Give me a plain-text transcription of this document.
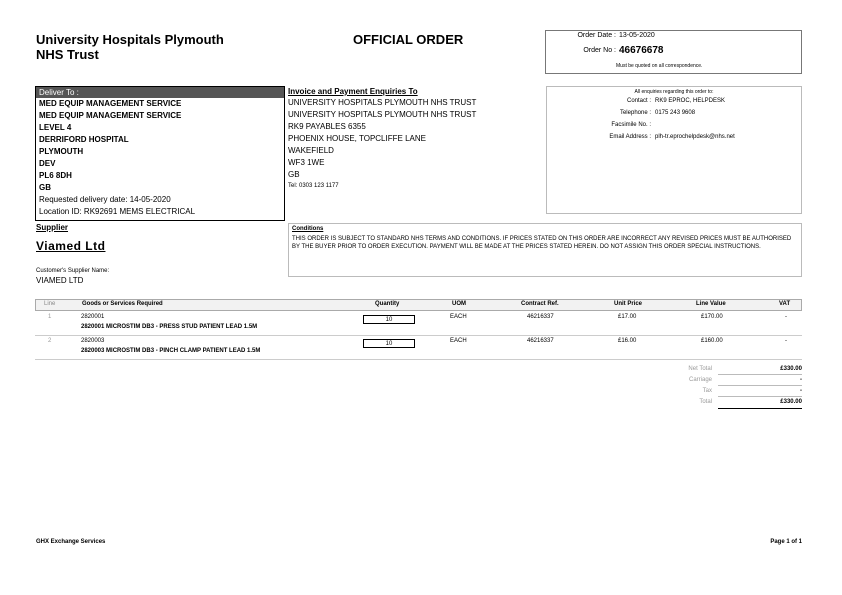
University Hospitals Plymouth
NHS Trust
OFFICIAL ORDER	Order Date : 13-05-2020
Order No : 46676678
Must be quoted on all correspondence.
Deliver To :
MED EQUIP MANAGEMENT SERVICE
MED EQUIP MANAGEMENT SERVICE
LEVEL 4
DERRIFORD HOSPITAL
PLYMOUTH
DEV
PL6 8DH
GB
Requested delivery date: 14-05-2020
Location ID: RK92691 MEMS ELECTRICAL
Invoice and Payment Enquiries To
UNIVERSITY HOSPITALS PLYMOUTH NHS TRUST
UNIVERSITY HOSPITALS PLYMOUTH NHS TRUST
RK9 PAYABLES 6355
PHOENIX HOUSE, TOPCLIFFE LANE
WAKEFIELD
WF3 1WE
GB
Tel: 0303 123 1177
All enquiries regarding this order to:
Contact : RK9 EPROC, HELPDESK
Telephone : 0175 243 9608
Facsimile No. :
Email Address : plh-tr.eprochelpdesk@nhs.net
Supplier
Viamed Ltd
Customer's Supplier Name:
VIAMED LTD
Conditions
THIS ORDER IS SUBJECT TO STANDARD NHS TERMS AND CONDITIONS. IF PRICES STATED ON THIS ORDER ARE INCORRECT ANY REVISED PRICES MUST BE AUTHORISED BY THE BUYER PRIOR TO ORDER EXECUTION. PAYMENT WILL BE MADE AT THE PRICES STATED HEREIN. DO NOT ASSIGN THIS ORDER SPECIAL INSTRUCTIONS.
Line	Goods or Services Required	Quantity	UOM	Contract Ref.	Unit Price	Line Value	VAT
1	2820001
2820001 MICROSTIM DB3 - PRESS STUD PATIENT LEAD 1.5M
10	EACH	46216337	£17.00	£170.00	-
2	2820003
2820003 MICROSTIM DB3 - PINCH CLAMP PATIENT LEAD 1.5M
10	EACH	46216337	£16.00	£160.00	-
Net Total	£330.00
Carriage	-
Tax	-
Total	£330.00
GHX Exchange Services	Page 1 of 1
